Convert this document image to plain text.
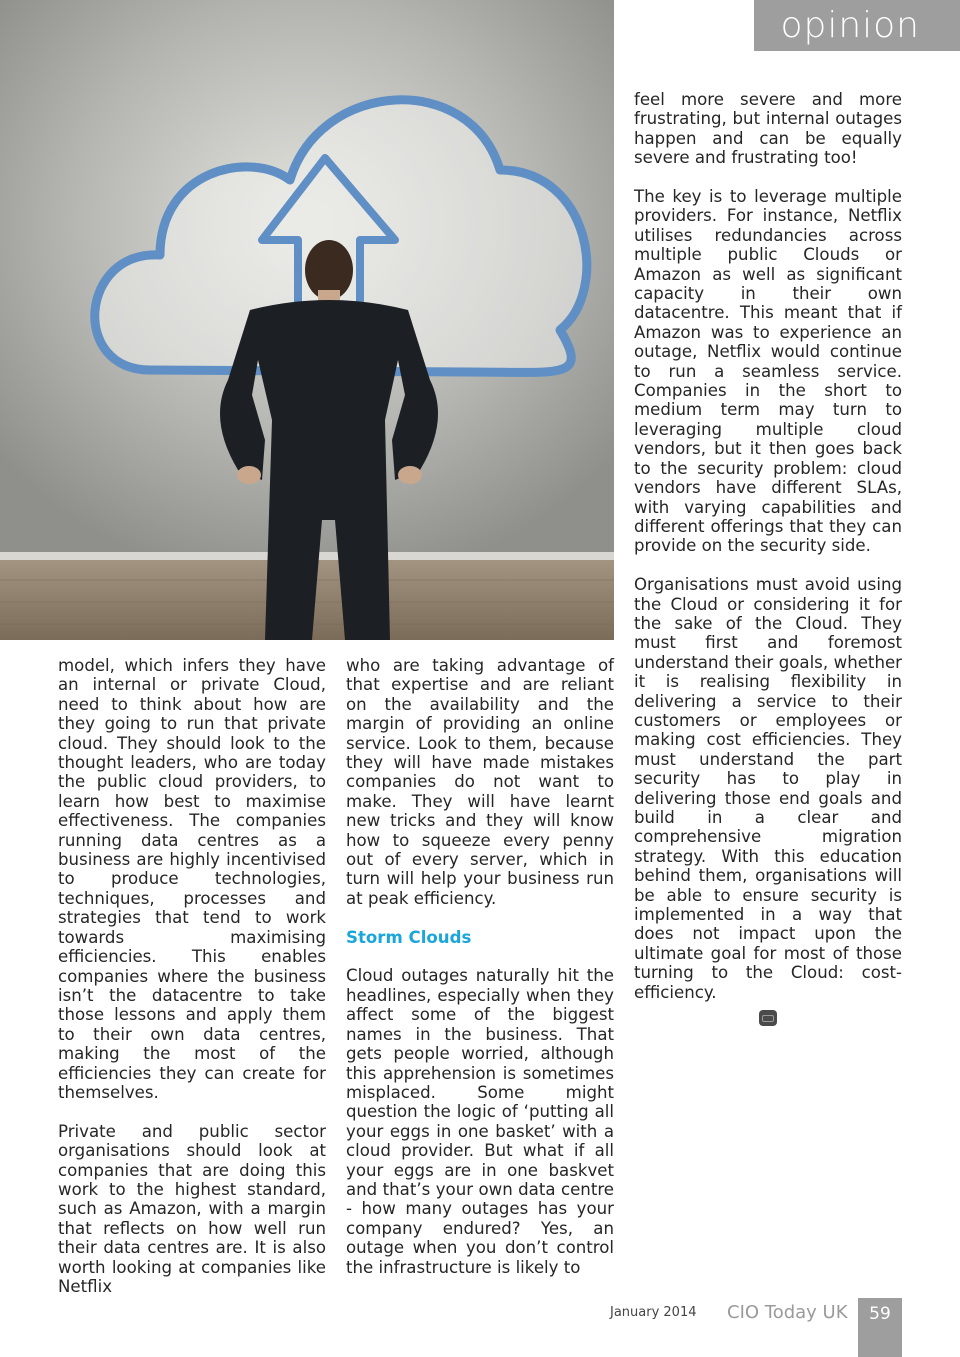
opinion

model, which infers they have an internal or private Cloud, need to think about how are they going to run that private cloud. They should look to the thought leaders, who are today the public cloud providers, to learn how best to maximise effectiveness. The companies running data centres as a business are highly incentivised to produce technologies, techniques, processes and strategies that tend to work towards maximising efficiencies. This enables companies where the business isn’t the datacentre to take those lessons and apply them to their own data centres, making the most of the efficiencies they can create for themselves.

Private and public sector organisations should look at companies that are doing this work to the highest standard, such as Amazon, with a margin that reflects on how well run their data centres are. It is also worth looking at companies like Netflix

who are taking advantage of that expertise and are reliant on the availability and the margin of providing an online service. Look to them, because they will have made mistakes companies do not want to make. They will have learnt new tricks and they will know how to squeeze every penny out of every server, which in turn will help your business run at peak efficiency.

Storm Clouds

Cloud outages naturally hit the headlines, especially when they affect some of the biggest names in the business. That gets people worried, although this apprehension is sometimes misplaced. Some might question the logic of ‘putting all your eggs in one basket’ with a cloud provider. But what if all your eggs are in one baskvet and that’s your own data centre - how many outages has your company endured? Yes, an outage when you don’t control the infrastructure is likely to

feel more severe and more frustrating, but internal outages happen and can be equally severe and frustrating too!

The key is to leverage multiple providers. For instance, Netflix utilises redundancies across multiple public Clouds or Amazon as well as significant capacity in their own datacentre. This meant that if Amazon was to experience an outage, Netflix would continue to run a seamless service. Companies in the short to medium term may turn to leveraging multiple cloud vendors, but it then goes back to the security problem: cloud vendors have different SLAs, with varying capabilities and different offerings that they can provide on the security side.

Organisations must avoid using the Cloud or considering it for the sake of the Cloud. They must first and foremost understand their goals, whether it is realising flexibility in delivering a service to their customers or employees or making cost efficiencies. They must understand the part security has to play in delivering those end goals and build in a clear and comprehensive migration strategy. With this education behind them, organisations will be able to ensure security is implemented in a way that does not impact upon the ultimate goal for most of those turning to the Cloud: cost-efficiency.

January 2014 CIO Today UK	59
